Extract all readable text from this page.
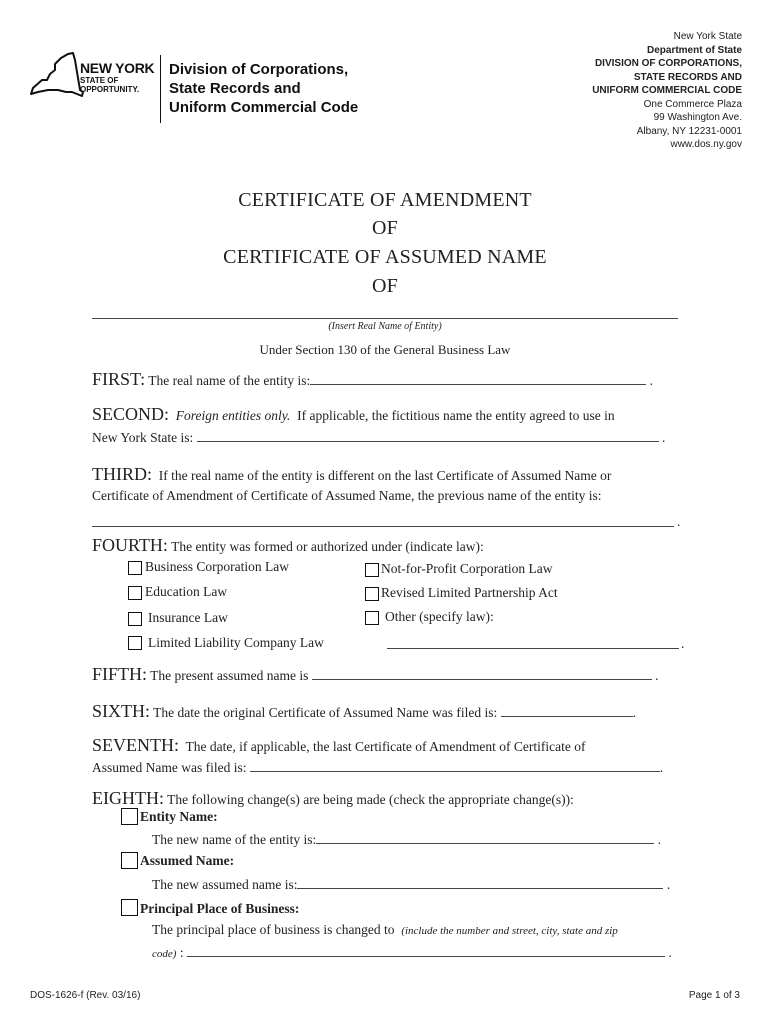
NEW YORK
STATE OF
OPPORTUNITY.
Division of Corporations,
State Records and
Uniform Commercial Code
New York State
Department of State
DIVISION OF CORPORATIONS,
STATE RECORDS AND
UNIFORM COMMERCIAL CODE
One Commerce Plaza
99 Washington Ave.
Albany, NY 12231-0001
www.dos.ny.gov
CERTIFICATE OF AMENDMENT
OF
CERTIFICATE OF ASSUMED NAME
OF
(Insert Real Name of Entity)
Under Section 130 of the General Business Law
FIRST: The real name of the entity is:	.
SECOND: Foreign entities only. If applicable, the fictitious name the entity agreed to use in
New York State is:	.
THIRD: If the real name of the entity is different on the last Certificate of Assumed Name or
Certificate of Amendment of Certificate of Assumed Name, the previous name of the entity is:
.
FOURTH: The entity was formed or authorized under (indicate law):
Business Corporation Law
Education Law
Insurance Law
Limited Liability Company Law
Not-for-Profit Corporation Law
Revised Limited Partnership Act
Other (specify law):
.
FIFTH: The present assumed name is	.
SIXTH: The date the original Certificate of Assumed Name was filed is:	.
SEVENTH: The date, if applicable, the last Certificate of Amendment of Certificate of
Assumed Name was filed is:	.
EIGHTH: The following change(s) are being made (check the appropriate change(s)):
Entity Name:
The new name of the entity is:	.
Assumed Name:
The new assumed name is:	.
Principal Place of Business:
The principal place of business is changed to (include the number and street, city, state and zip
code) :	.
DOS-1626-f (Rev. 03/16)	Page 1 of 3
